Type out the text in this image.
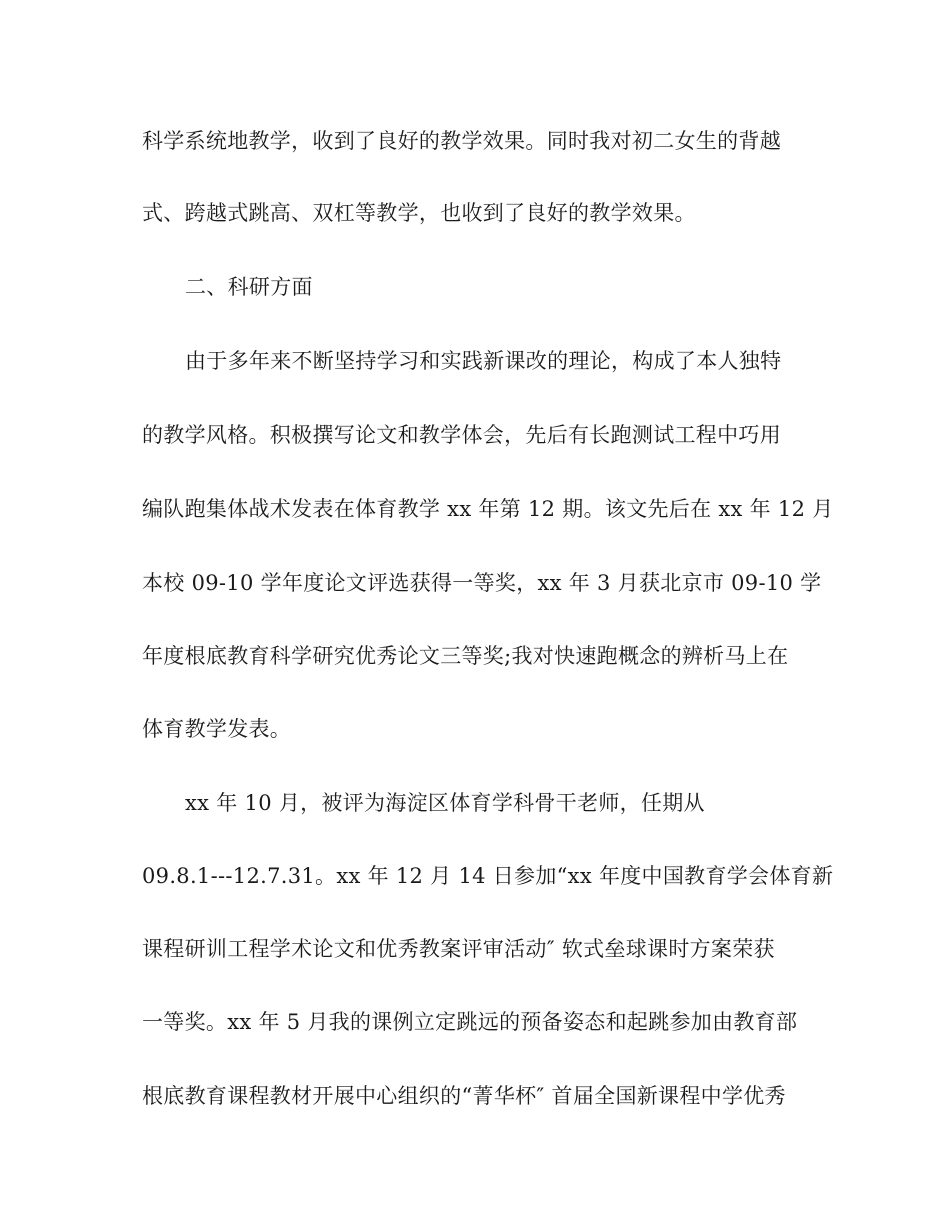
科学系统地教学，收到了良好的教学效果。同时我对初二女生的背越
式、跨越式跳高、双杠等教学，也收到了良好的教学效果。
二、科研方面
由于多年来不断坚持学习和实践新课改的理论，构成了本人独特
的教学风格。积极撰写论文和教学体会，先后有长跑测试工程中巧用
编队跑集体战术发表在体育教学 xx 年第 12 期。该文先后在 xx 年 12 月
本校 09-10 学年度论文评选获得一等奖，xx 年 3 月获北京市 09-10 学
年度根底教育科学研究优秀论文三等奖;我对快速跑概念的辨析马上在
体育教学发表。
xx 年 10 月，被评为海淀区体育学科骨干老师，任期从
09.8.1---12.7.31。xx 年 12 月 14 日参加“xx 年度中国教育学会体育新
课程研训工程学术论文和优秀教案评审活动″ 软式垒球课时方案荣获
一等奖。xx 年 5 月我的课例立定跳远的预备姿态和起跳参加由教育部
根底教育课程教材开展中心组织的“菁华杯″ 首届全国新课程中学优秀
